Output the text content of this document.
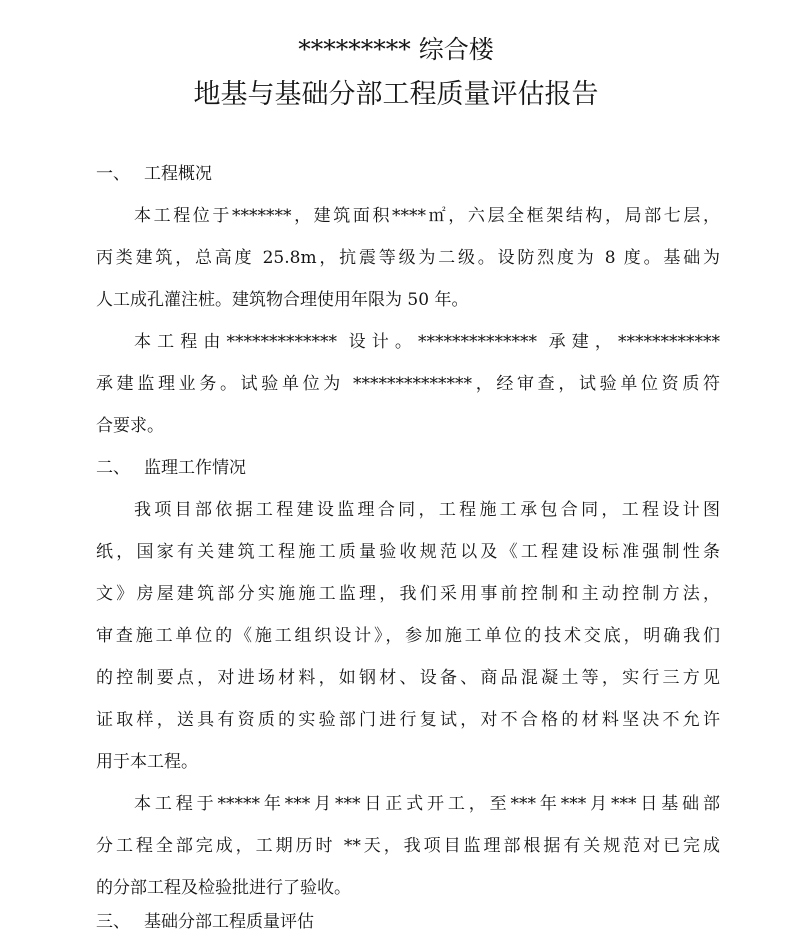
********* 综合楼
地基与基础分部工程质量评估报告
一、 工程概况
本工程位于*******，建筑面积****㎡，六层全框架结构，局部七层，
丙类建筑，总高度 25.8m，抗震等级为二级。设防烈度为 8 度。基础为
人工成孔灌注桩。建筑物合理使用年限为 50 年。
本工程由************* 设计。************** 承建，************
承建监理业务。试验单位为 **************，经审查，试验单位资质符
合要求。
二、 监理工作情况
我项目部依据工程建设监理合同，工程施工承包合同，工程设计图
纸，国家有关建筑工程施工质量验收规范以及《工程建设标准强制性条
文》房屋建筑部分实施施工监理，我们采用事前控制和主动控制方法，
审查施工单位的《施工组织设计》，参加施工单位的技术交底，明确我们
的控制要点，对进场材料，如钢材、设备、商品混凝土等，实行三方见
证取样，送具有资质的实验部门进行复试，对不合格的材料坚决不允许
用于本工程。
本工程于*****年***月***日正式开工，至***年***月***日基础部
分工程全部完成，工期历时 **天，我项目监理部根据有关规范对已完成
的分部工程及检验批进行了验收。
三、 基础分部工程质量评估
